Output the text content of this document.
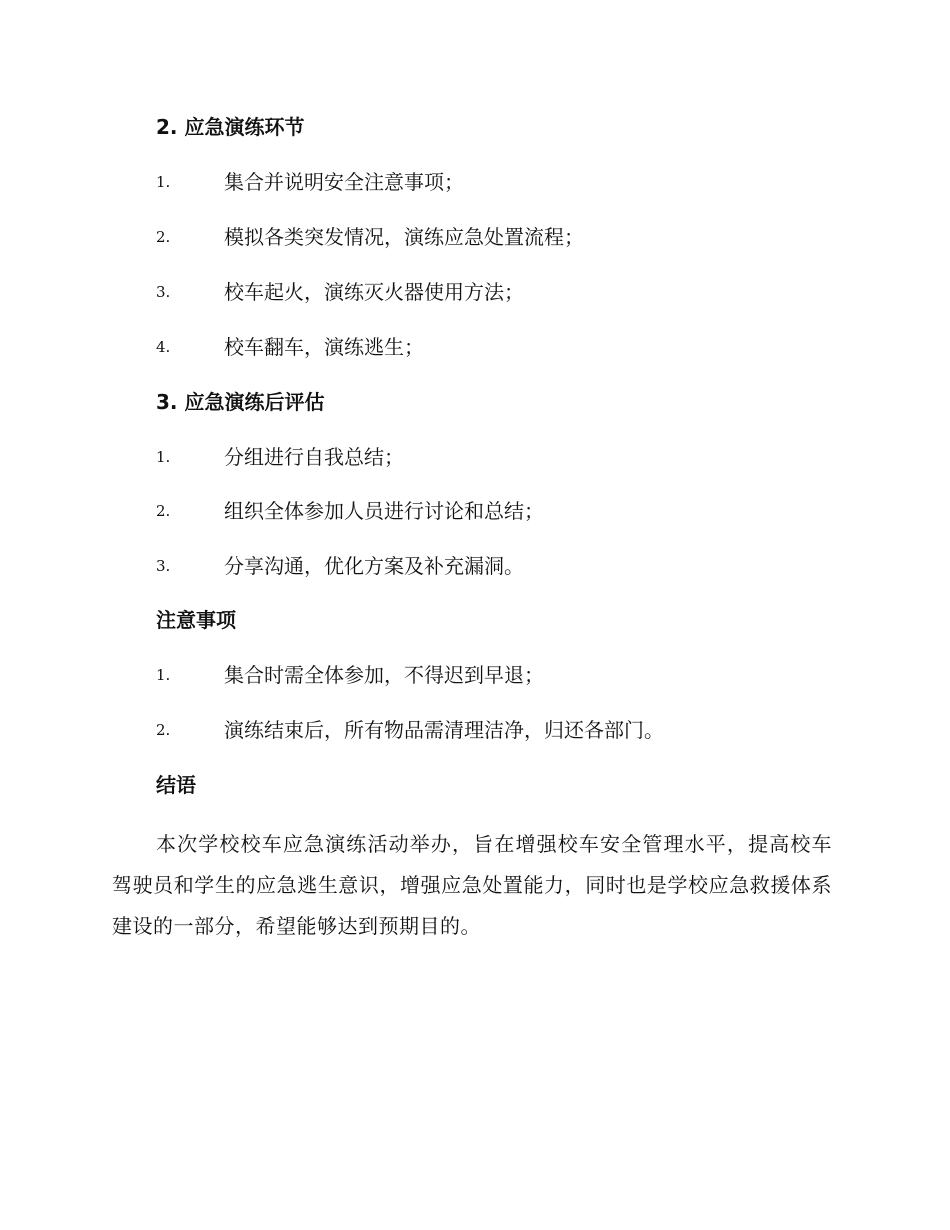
2. 应急演练环节
1.	集合并说明安全注意事项；
2.	模拟各类突发情况，演练应急处置流程；
3.	校车起火，演练灭火器使用方法；
4.	校车翻车，演练逃生；
3. 应急演练后评估
1.	分组进行自我总结；
2.	组织全体参加人员进行讨论和总结；
3.	分享沟通，优化方案及补充漏洞。
注意事项
1.	集合时需全体参加，不得迟到早退；
2.	演练结束后，所有物品需清理洁净，归还各部门。
结语
本次学校校车应急演练活动举办，旨在增强校车安全管理水平，提高校车驾驶员和学生的应急逃生意识，增强应急处置能力，同时也是学校应急救援体系建设的一部分，希望能够达到预期目的。
